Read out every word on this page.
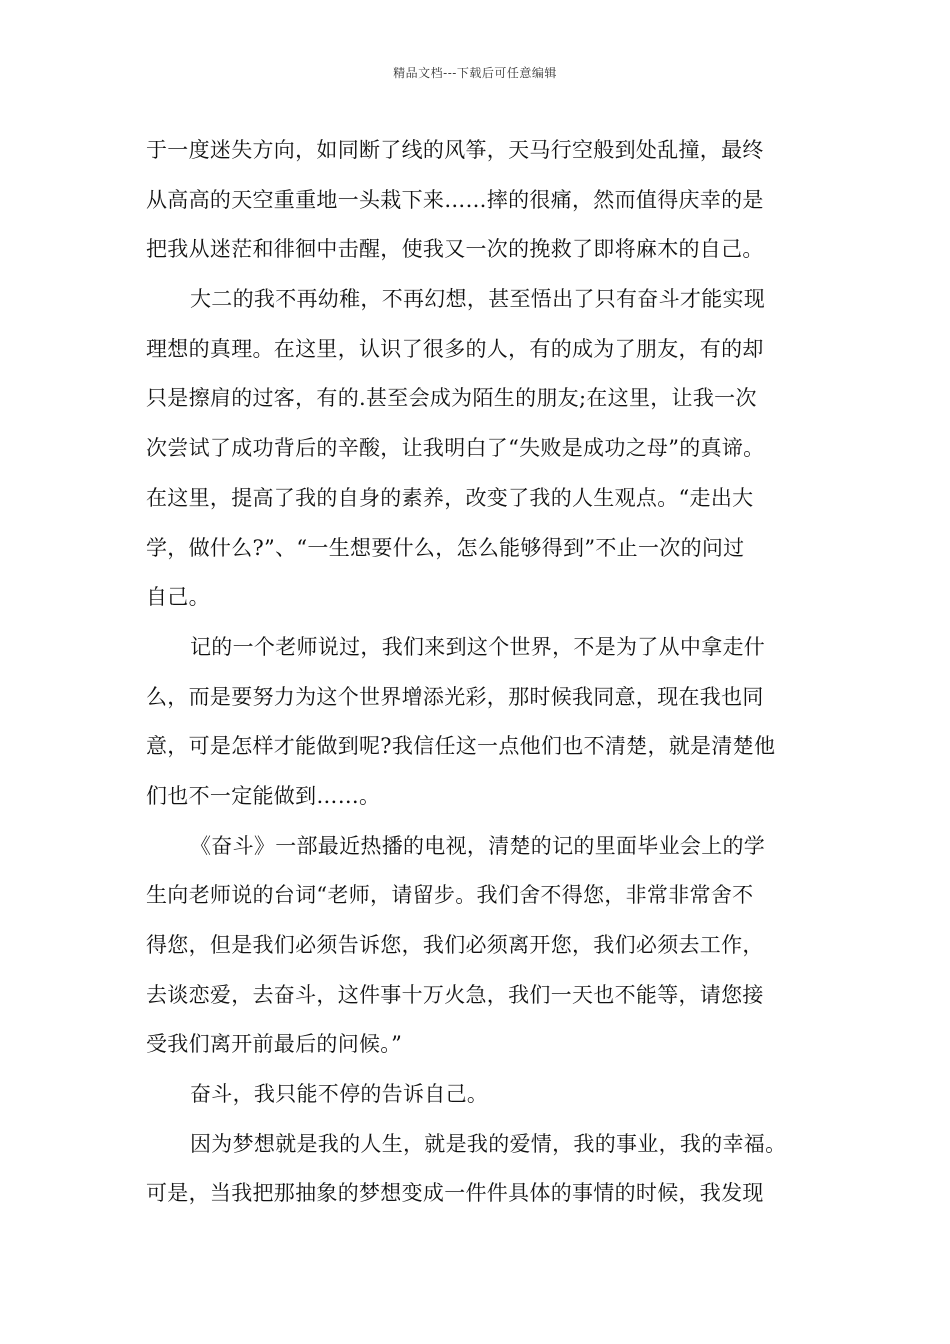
精品文档---下载后可任意编辑
于一度迷失方向，如同断了线的风筝，天马行空般到处乱撞，最终
从高高的天空重重地一头栽下来……摔的很痛，然而值得庆幸的是
把我从迷茫和徘徊中击醒，使我又一次的挽救了即将麻木的自己。
大二的我不再幼稚，不再幻想，甚至悟出了只有奋斗才能实现
理想的真理。在这里，认识了很多的人，有的成为了朋友，有的却
只是擦肩的过客，有的.甚至会成为陌生的朋友;在这里，让我一次
次尝试了成功背后的辛酸，让我明白了“失败是成功之母”的真谛。
在这里，提高了我的自身的素养，改变了我的人生观点。“走出大
学，做什么?”、“一生想要什么，怎么能够得到”不止一次的问过
自己。
记的一个老师说过，我们来到这个世界，不是为了从中拿走什
么，而是要努力为这个世界增添光彩，那时候我同意，现在我也同
意，可是怎样才能做到呢?我信任这一点他们也不清楚，就是清楚他
们也不一定能做到……。
《奋斗》一部最近热播的电视，清楚的记的里面毕业会上的学
生向老师说的台词“老师，请留步。我们舍不得您，非常非常舍不
得您，但是我们必须告诉您，我们必须离开您，我们必须去工作，
去谈恋爱，去奋斗，这件事十万火急，我们一天也不能等，请您接
受我们离开前最后的问候。”
奋斗，我只能不停的告诉自己。
因为梦想就是我的人生，就是我的爱情，我的事业，我的幸福。
可是，当我把那抽象的梦想变成一件件具体的事情的时候，我发现
